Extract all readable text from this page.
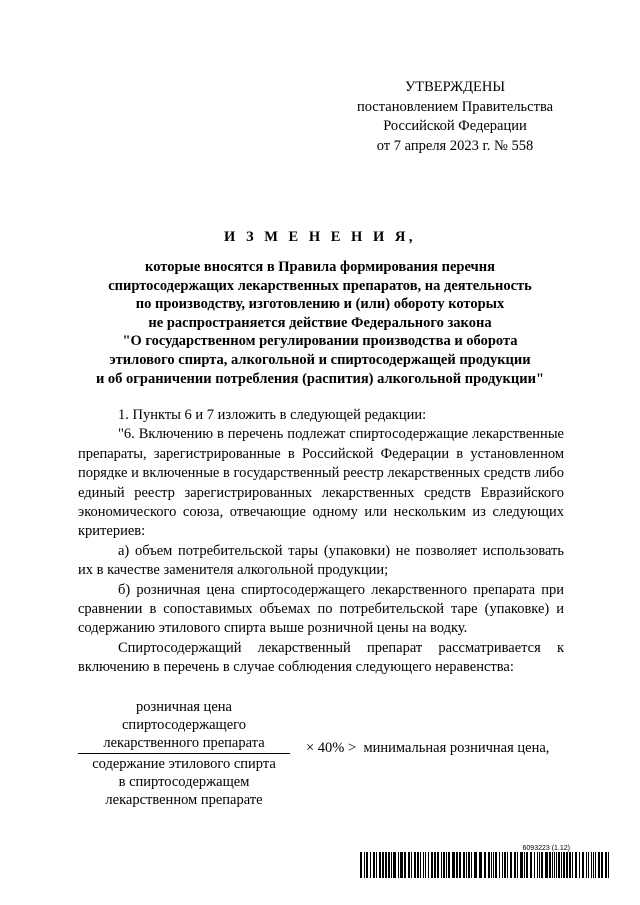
УТВЕРЖДЕНЫ
постановлением Правительства
Российской Федерации
от 7 апреля 2023 г. № 558
И З М Е Н Е Н И Я,
которые вносятся в Правила формирования перечня
спиртосодержащих лекарственных препаратов, на деятельность
по производству, изготовлению и (или) обороту которых
не распространяется действие Федерального закона
"О государственном регулировании производства и оборота
этилового спирта, алкогольной и спиртосодержащей продукции
и об ограничении потребления (распития) алкогольной продукции"

1. Пункты 6 и 7 изложить в следующей редакции:

"6. Включению в перечень подлежат спиртосодержащие лекарственные препараты, зарегистрированные в Российской Федерации в установленном порядке и включенные в государственный реестр лекарственных средств либо единый реестр зарегистрированных лекарственных средств Евразийского экономического союза, отвечающие одному или нескольким из следующих критериев:

а) объем потребительской тары (упаковки) не позволяет использовать их в качестве заменителя алкогольной продукции;

б) розничная цена спиртосодержащего лекарственного препарата при сравнении в сопоставимых объемах по потребительской таре (упаковке) и содержанию этилового спирта выше розничной цены на водку.

Спиртосодержащий лекарственный препарат рассматривается к включению в перечень в случае соблюдения следующего неравенства:

розничная цена
спиртосодержащего
лекарственного препарата
содержание этилового спирта
в спиртосодержащем
лекарственном препарате
× 40% > минимальная розничная цена,
6093223 (1.12)
